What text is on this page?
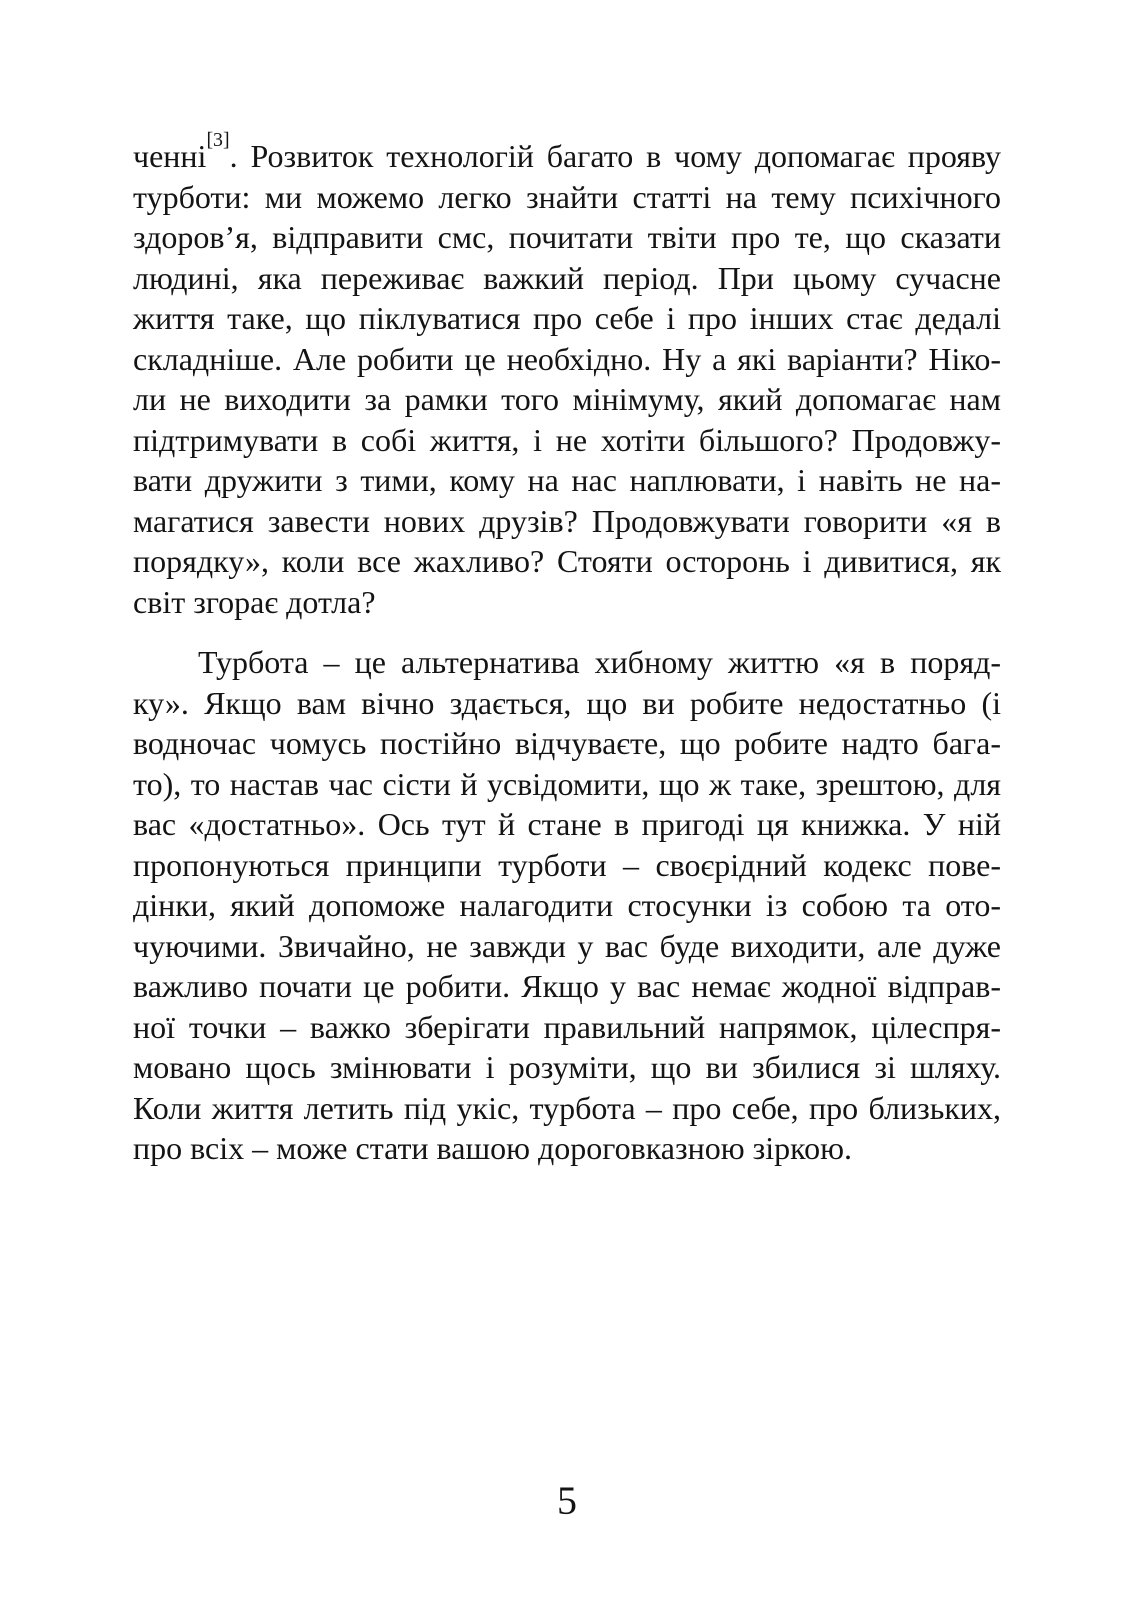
ченні[3]. Розвиток технологій багато в чому допомагає прояву
турботи: ми можемо легко знайти статті на тему психічного
здоров’я, відправити смс, почитати твіти про те, що сказати
людині, яка переживає важкий період. При цьому сучасне
життя таке, що піклуватися про себе і про інших стає дедалі
складніше. Але робити це необхідно. Ну а які варіанти? Ніко-
ли не виходити за рамки того мінімуму, який допомагає нам
підтримувати в собі життя, і не хотіти більшого? Продовжу-
вати дружити з тими, кому на нас наплювати, і навіть не на-
магатися завести нових друзів? Продовжувати говорити «я в
порядку», коли все жахливо? Стояти осторонь і дивитися, як
світ згорає дотла?
Турбота – це альтернатива хибному життю «я в поряд-
ку». Якщо вам вічно здається, що ви робите недостатньо (і
водночас чомусь постійно відчуваєте, що робите надто бага-
то), то настав час сісти й усвідомити, що ж таке, зрештою, для
вас «достатньо». Ось тут й стане в пригоді ця книжка. У ній
пропонуються принципи турботи – своєрідний кодекс пове-
дінки, який допоможе налагодити стосунки із собою та ото-
чуючими. Звичайно, не завжди у вас буде виходити, але дуже
важливо почати це робити. Якщо у вас немає жодної відправ-
ної точки – важко зберігати правильний напрямок, цілеспря-
мовано щось змінювати і розуміти, що ви збилися зі шляху.
Коли життя летить під укіс, турбота – про себе, про близьких,
про всіх – може стати вашою дороговказною зіркою.
5
